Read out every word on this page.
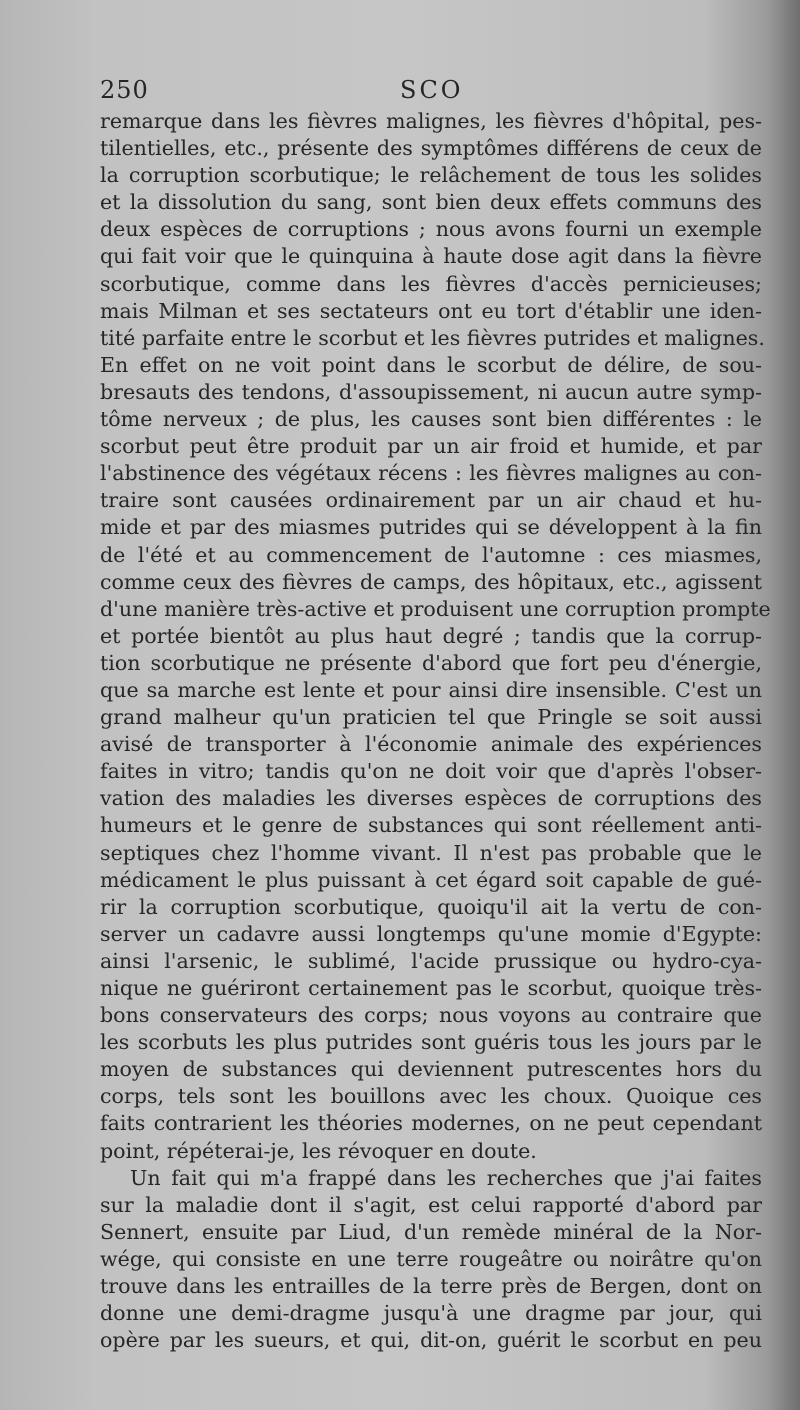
250	SCO
remarque dans les fièvres malignes, les fièvres d'hôpital, pes-
tilentielles, etc., présente des symptômes différens de ceux de
la corruption scorbutique; le relâchement de tous les solides
et la dissolution du sang, sont bien deux effets communs des
deux espèces de corruptions ; nous avons fourni un exemple
qui fait voir que le quinquina à haute dose agit dans la fièvre
scorbutique, comme dans les fièvres d'accès pernicieuses;
mais Milman et ses sectateurs ont eu tort d'établir une iden-
tité parfaite entre le scorbut et les fièvres putrides et malignes.
En effet on ne voit point dans le scorbut de délire, de sou-
bresauts des tendons, d'assoupissement, ni aucun autre symp-
tôme nerveux ; de plus, les causes sont bien différentes : le
scorbut peut être produit par un air froid et humide, et par
l'abstinence des végétaux récens : les fièvres malignes au con-
traire sont causées ordinairement par un air chaud et hu-
mide et par des miasmes putrides qui se développent à la fin
de l'été et au commencement de l'automne : ces miasmes,
comme ceux des fièvres de camps, des hôpitaux, etc., agissent
d'une manière très-active et produisent une corruption prompte
et portée bientôt au plus haut degré ; tandis que la corrup-
tion scorbutique ne présente d'abord que fort peu d'énergie,
que sa marche est lente et pour ainsi dire insensible. C'est un
grand malheur qu'un praticien tel que Pringle se soit aussi
avisé de transporter à l'économie animale des expériences
faites in vitro; tandis qu'on ne doit voir que d'après l'obser-
vation des maladies les diverses espèces de corruptions des
humeurs et le genre de substances qui sont réellement anti-
septiques chez l'homme vivant. Il n'est pas probable que le
médicament le plus puissant à cet égard soit capable de gué-
rir la corruption scorbutique, quoiqu'il ait la vertu de con-
server un cadavre aussi longtemps qu'une momie d'Egypte:
ainsi l'arsenic, le sublimé, l'acide prussique ou hydro-cya-
nique ne guériront certainement pas le scorbut, quoique très-
bons conservateurs des corps; nous voyons au contraire que
les scorbuts les plus putrides sont guéris tous les jours par le
moyen de substances qui deviennent putrescentes hors du
corps, tels sont les bouillons avec les choux. Quoique ces
faits contrarient les théories modernes, on ne peut cependant
point, répéterai-je, les révoquer en doute.
Un fait qui m'a frappé dans les recherches que j'ai faites
sur la maladie dont il s'agit, est celui rapporté d'abord par
Sennert, ensuite par Liud, d'un remède minéral de la Nor-
wége, qui consiste en une terre rougeâtre ou noirâtre qu'on
trouve dans les entrailles de la terre près de Bergen, dont on
donne une demi-dragme jusqu'à une dragme par jour, qui
opère par les sueurs, et qui, dit-on, guérit le scorbut en peu
